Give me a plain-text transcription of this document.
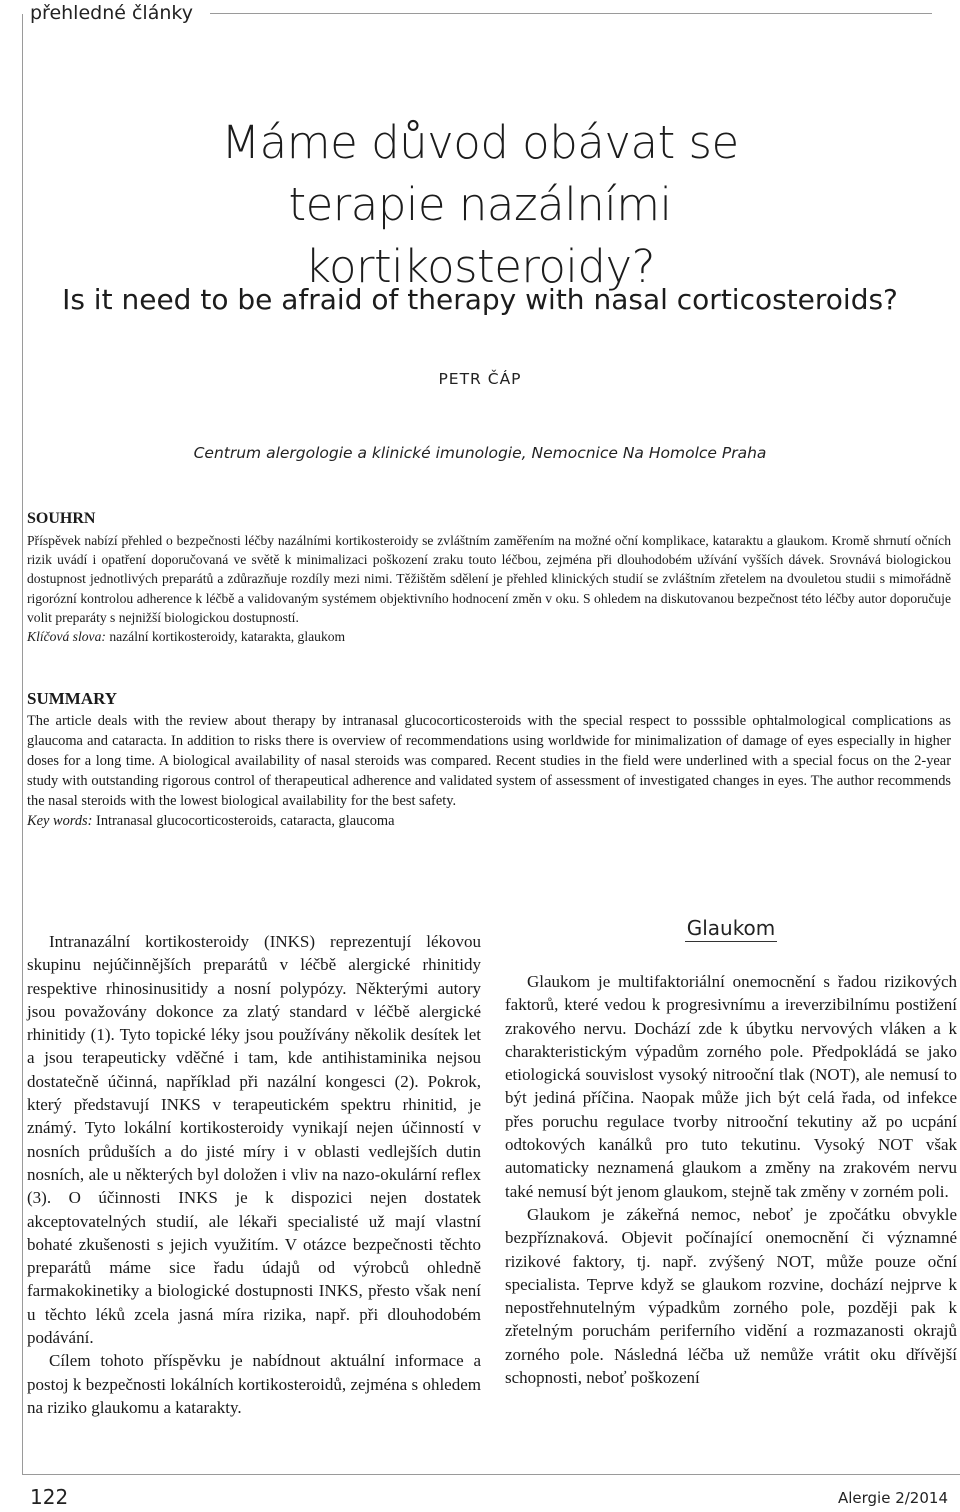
přehledné články
Máme důvod obávat se terapie nazálními kortikosteroidy?
Is it need to be afraid of therapy with nasal corticosteroids?
PETR ČÁP
Centrum alergologie a klinické imunologie, Nemocnice Na Homolce Praha
SOUHRN
Příspěvek nabízí přehled o bezpečnosti léčby nazálními kortikosteroidy se zvláštním zaměřením na možné oční komplikace, kataraktu a glaukom. Kromě shrnutí očních rizik uvádí i opatření doporučovaná ve světě k minimalizaci poškození zraku touto léčbou, zejména při dlouhodobém užívání vyšších dávek. Srovnává biologickou dostupnost jednotlivých preparátů a zdůrazňuje rozdíly mezi nimi. Těžištěm sdělení je přehled klinických studií se zvláštním zřetelem na dvouletou studii s mimořádně rigorózní kontrolou adherence k léčbě a validovaným systémem objektivního hodnocení změn v oku. S ohledem na diskutovanou bezpečnost této léčby autor doporučuje volit preparáty s nejnižší biologickou dostupností.
Klíčová slova: nazální kortikosteroidy, katarakta, glaukom
SUMMARY
The article deals with the review about therapy by intranasal glucocorticosteroids with the special respect to posssible ophtalmological complications as glaucoma and cataracta. In addition to risks there is overview of recommendations using worldwide for minimalization of damage of eyes especially in higher doses for a long time. A biological availability of nasal steroids was compared. Recent studies in the field were underlined with a special focus on the 2-year study with outstanding rigorous control of therapeutical adherence and validated system of assessment of investigated changes in eyes. The author recommends the nasal steroids with the lowest biological availability for the best safety.
Key words: Intranasal glucocorticosteroids, cataracta, glaucoma

Intranazální kortikosteroidy (INKS) reprezentují lékovou skupinu nejúčinnějších preparátů v léčbě alergické rhinitidy respektive rhinosinusitidy a nosní polypózy. Některými autory jsou považovány dokonce za zlatý standard v léčbě alergické rhinitidy (1). Tyto topické léky jsou používány několik desítek let a jsou terapeuticky vděčné i tam, kde antihistaminika nejsou dostatečně účinná, například při nazální kongesci (2). Pokrok, který představují INKS v terapeutickém spektru rhinitid, je známý. Tyto lokální kortikosteroidy vynikají nejen účinností v nosních průduších a do jisté míry i v oblasti vedlejších dutin nosních, ale u některých byl doložen i vliv na nazo-okulární reflex (3). O účinnosti INKS je k dispozici nejen dostatek akceptovatelných studií, ale lékaři specialisté už mají vlastní bohaté zkušenosti s jejich využitím. V otázce bezpečnosti těchto preparátů máme sice řadu údajů od výrobců ohledně farmakokinetiky a biologické dostupnosti INKS, přesto však není u těchto léků zcela jasná míra rizika, např. při dlouhodobém podávání.

Cílem tohoto příspěvku je nabídnout aktuální informace a postoj k bezpečnosti lokálních kortikosteroidů, zejména s ohledem na riziko glaukomu a katarakty.

Glaukom

Glaukom je multifaktoriální onemocnění s řadou rizikových faktorů, které vedou k progresivnímu a ireverzibilnímu postižení zrakového nervu. Dochází zde k úbytku nervových vláken a k charakteristickým výpadům zorného pole. Předpokládá se jako etiologická souvislost vysoký nitrooční tlak (NOT), ale nemusí to být jediná příčina. Naopak může jich být celá řada, od infekce přes poruchu regulace tvorby nitrooční tekutiny až po ucpání odtokových kanálků pro tuto tekutinu. Vysoký NOT však automaticky neznamená glaukom a změny na zrakovém nervu také nemusí být jenom glaukom, stejně tak změny v zorném poli.

Glaukom je zákeřná nemoc, neboť je zpočátku obvykle bezpříznaková. Objevit počínající onemocnění či významné rizikové faktory, tj. např. zvýšený NOT, může pouze oční specialista. Teprve když se glaukom rozvine, dochází nejprve k nepostřehnutelným výpadkům zorného pole, později pak k zřetelným poruchám periferního vidění a rozmazanosti okrajů zorného pole. Následná léčba už nemůže vrátit oku dřívější schopnosti, neboť poškození

122	Alergie 2/2014
